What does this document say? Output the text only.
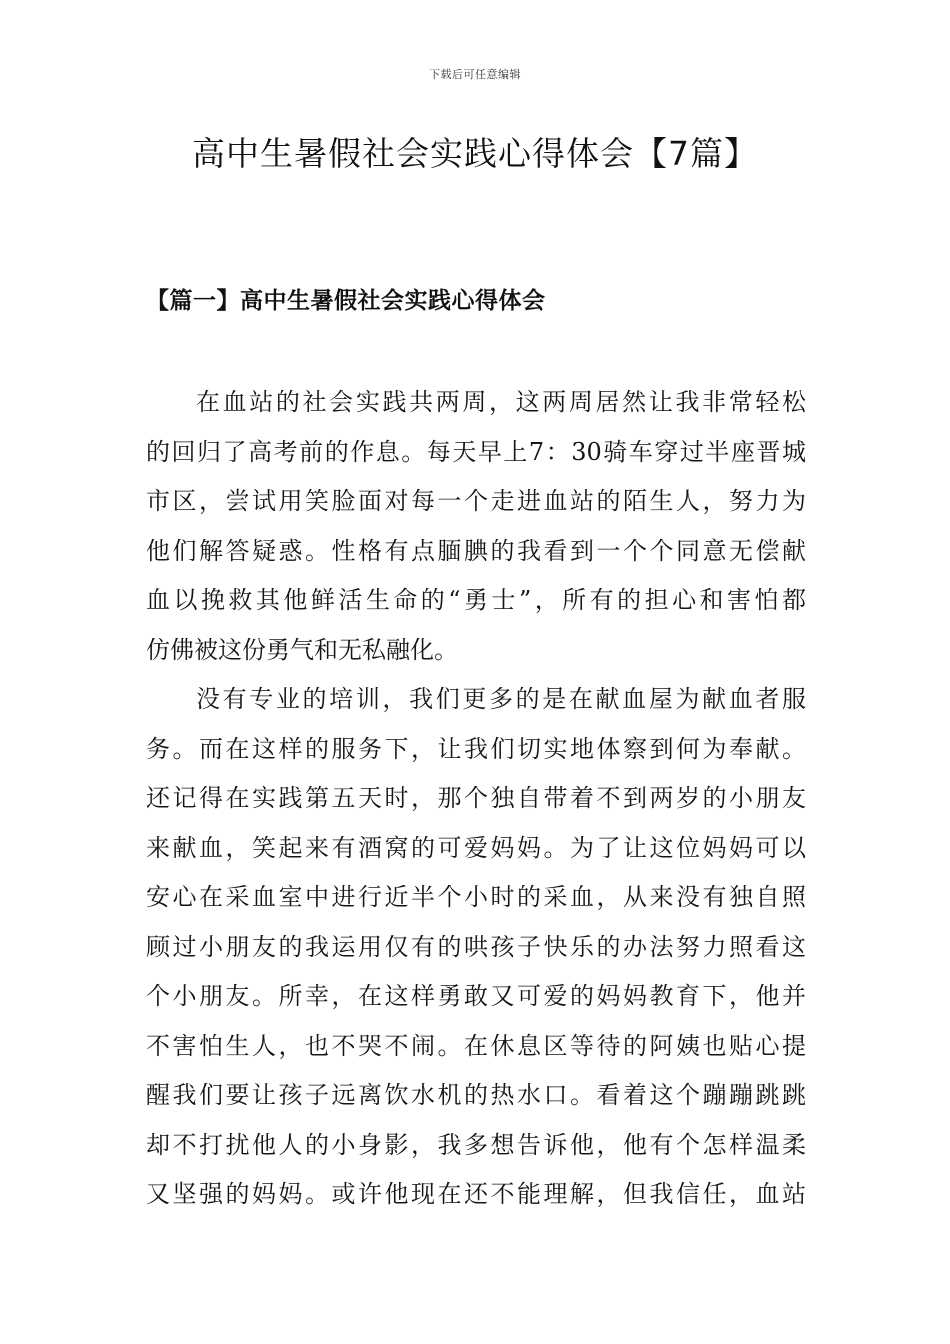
下载后可任意编辑
高中生暑假社会实践心得体会【7篇】
【篇一】高中生暑假社会实践心得体会
在血站的社会实践共两周，这两周居然让我非常轻松
的回归了高考前的作息。每天早上7：30骑车穿过半座晋城
市区，尝试用笑脸面对每一个走进血站的陌生人，努力为
他们解答疑惑。性格有点腼腆的我看到一个个同意无偿献
血以挽救其他鲜活生命的“勇士”，所有的担心和害怕都
仿佛被这份勇气和无私融化。
没有专业的培训，我们更多的是在献血屋为献血者服
务。而在这样的服务下，让我们切实地体察到何为奉献。
还记得在实践第五天时，那个独自带着不到两岁的小朋友
来献血，笑起来有酒窝的可爱妈妈。为了让这位妈妈可以
安心在采血室中进行近半个小时的采血，从来没有独自照
顾过小朋友的我运用仅有的哄孩子快乐的办法努力照看这
个小朋友。所幸，在这样勇敢又可爱的妈妈教育下，他并
不害怕生人，也不哭不闹。在休息区等待的阿姨也贴心提
醒我们要让孩子远离饮水机的热水口。看着这个蹦蹦跳跳
却不打扰他人的小身影，我多想告诉他，他有个怎样温柔
又坚强的妈妈。或许他现在还不能理解，但我信任，血站
